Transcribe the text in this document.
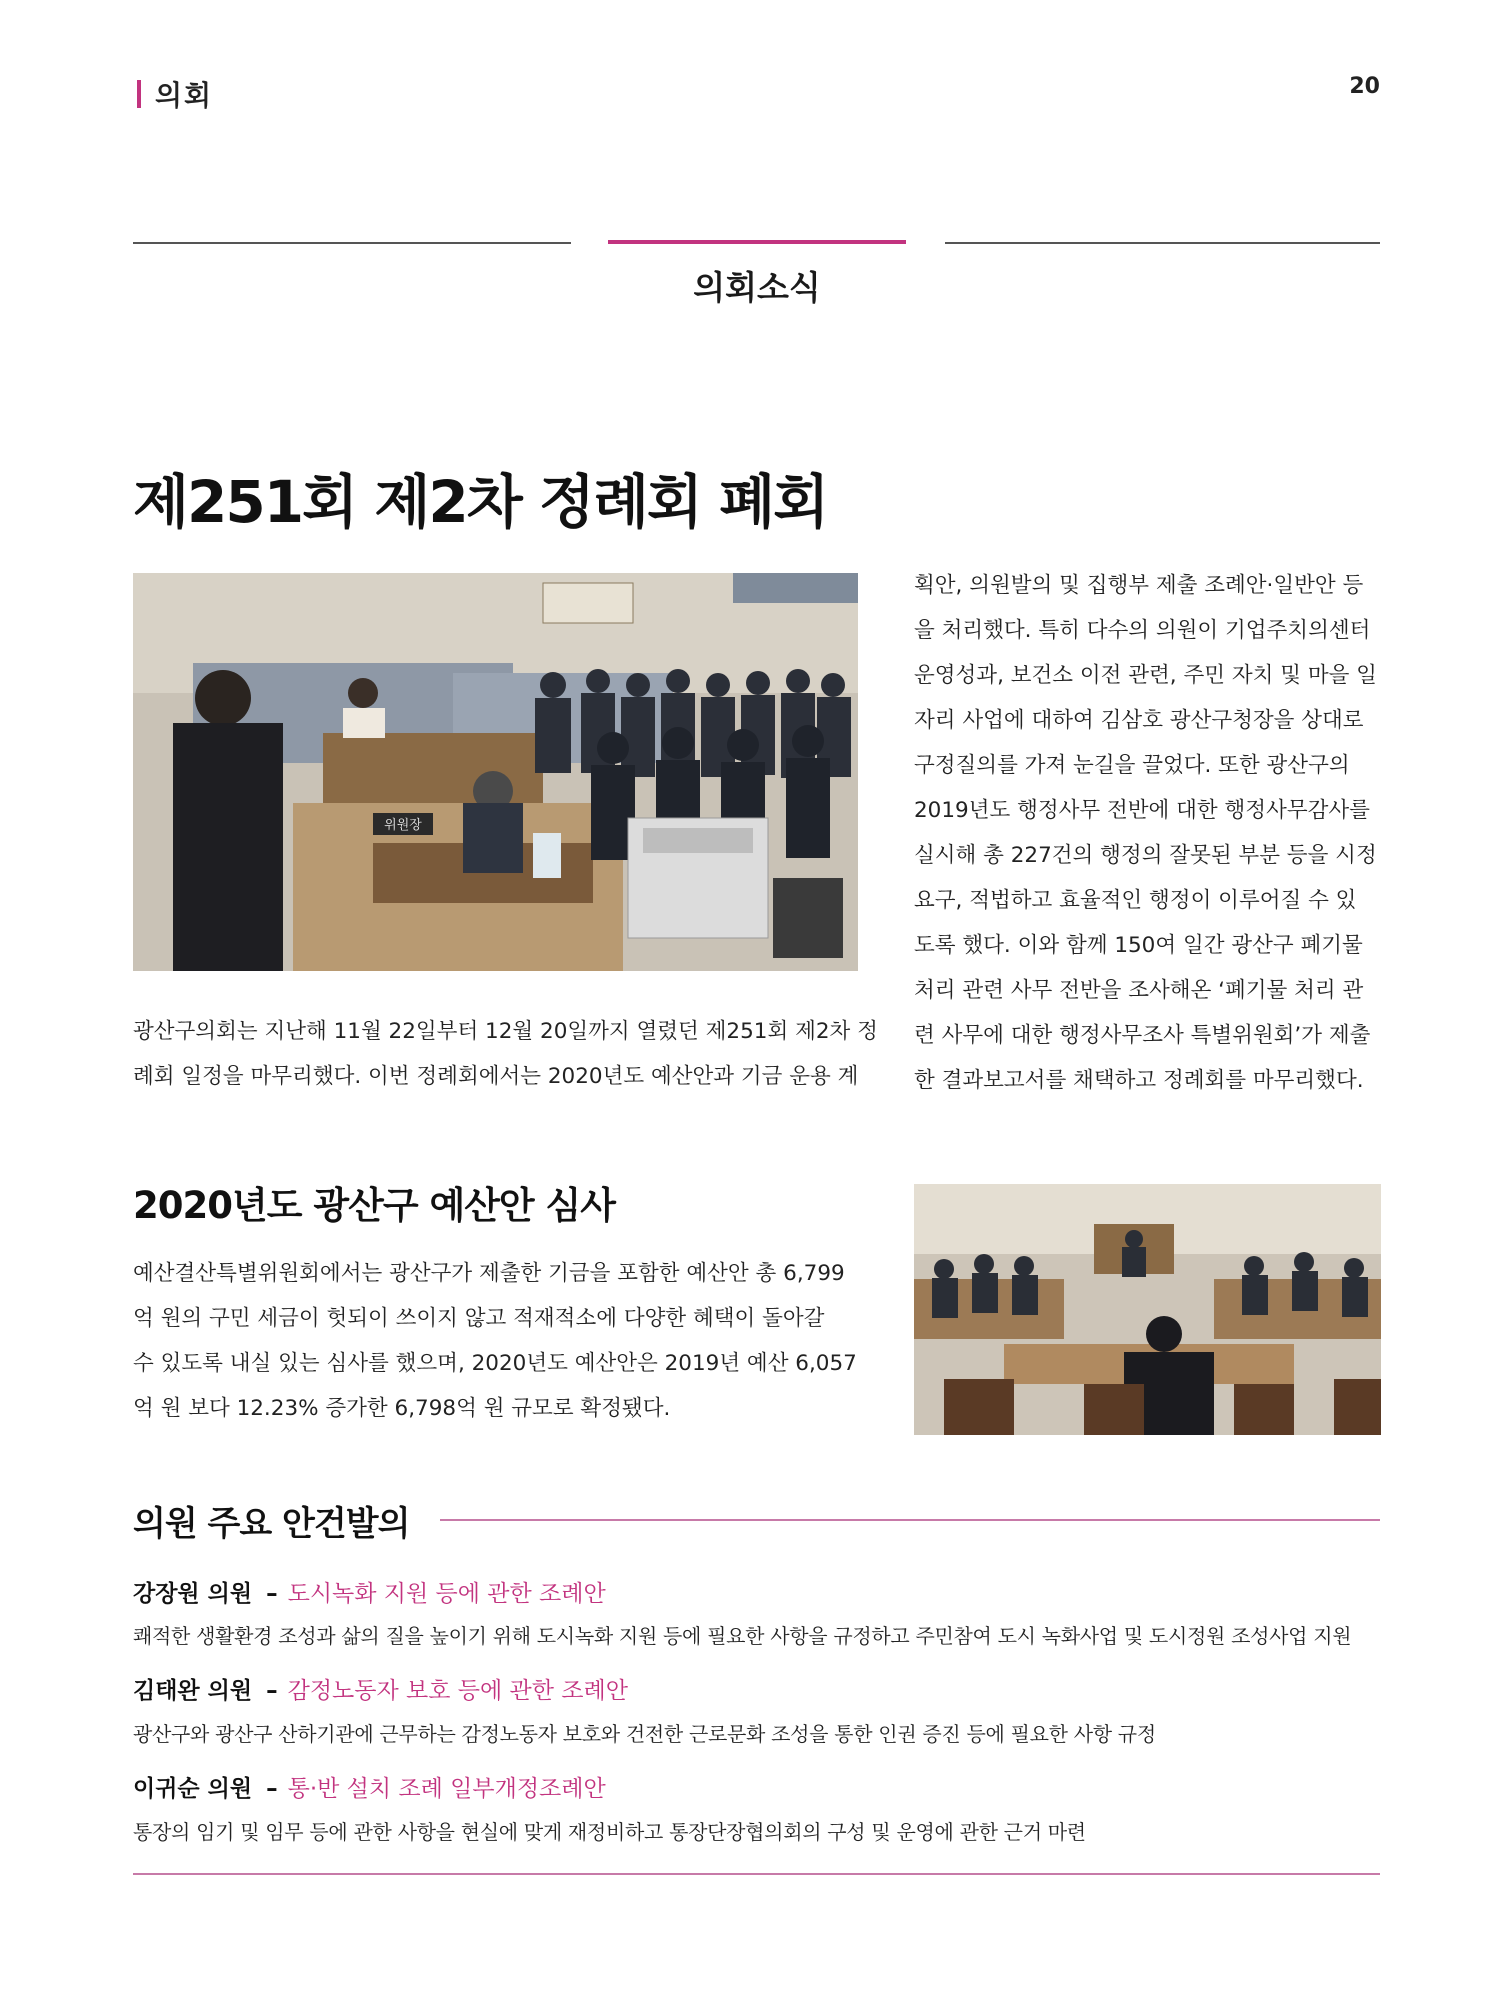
의회	20
의회소식
제251회 제2차 정례회 폐회
위원장
광산구의회는 지난해 11월 22일부터 12월 20일까지 열렸던 제251회 제2차 정
례회 일정을 마무리했다. 이번 정례회에서는 2020년도 예산안과 기금 운용 계
획안, 의원발의 및 집행부 제출 조례안·일반안 등
을 처리했다. 특히 다수의 의원이 기업주치의센터
운영성과, 보건소 이전 관련, 주민 자치 및 마을 일
자리 사업에 대하여 김삼호 광산구청장을 상대로
구정질의를 가져 눈길을 끌었다. 또한 광산구의
2019년도 행정사무 전반에 대한 행정사무감사를
실시해 총 227건의 행정의 잘못된 부분 등을 시정
요구, 적법하고 효율적인 행정이 이루어질 수 있
도록 했다. 이와 함께 150여 일간 광산구 폐기물
처리 관련 사무 전반을 조사해온 ‘폐기물 처리 관
련 사무에 대한 행정사무조사 특별위원회’가 제출
한 결과보고서를 채택하고 정례회를 마무리했다.
2020년도 광산구 예산안 심사
예산결산특별위원회에서는 광산구가 제출한 기금을 포함한 예산안 총 6,799
억 원의 구민 세금이 헛되이 쓰이지 않고 적재적소에 다양한 혜택이 돌아갈
수 있도록 내실 있는 심사를 했으며, 2020년도 예산안은 2019년 예산 6,057
억 원 보다 12.23% 증가한 6,798억 원 규모로 확정됐다.
의원 주요 안건발의
강장원 의원 – 도시녹화 지원 등에 관한 조례안
쾌적한 생활환경 조성과 삶의 질을 높이기 위해 도시녹화 지원 등에 필요한 사항을 규정하고 주민참여 도시 녹화사업 및 도시정원 조성사업 지원
김태완 의원 – 감정노동자 보호 등에 관한 조례안
광산구와 광산구 산하기관에 근무하는 감정노동자 보호와 건전한 근로문화 조성을 통한 인권 증진 등에 필요한 사항 규정
이귀순 의원 – 통·반 설치 조례 일부개정조례안
통장의 임기 및 임무 등에 관한 사항을 현실에 맞게 재정비하고 통장단장협의회의 구성 및 운영에 관한 근거 마련
